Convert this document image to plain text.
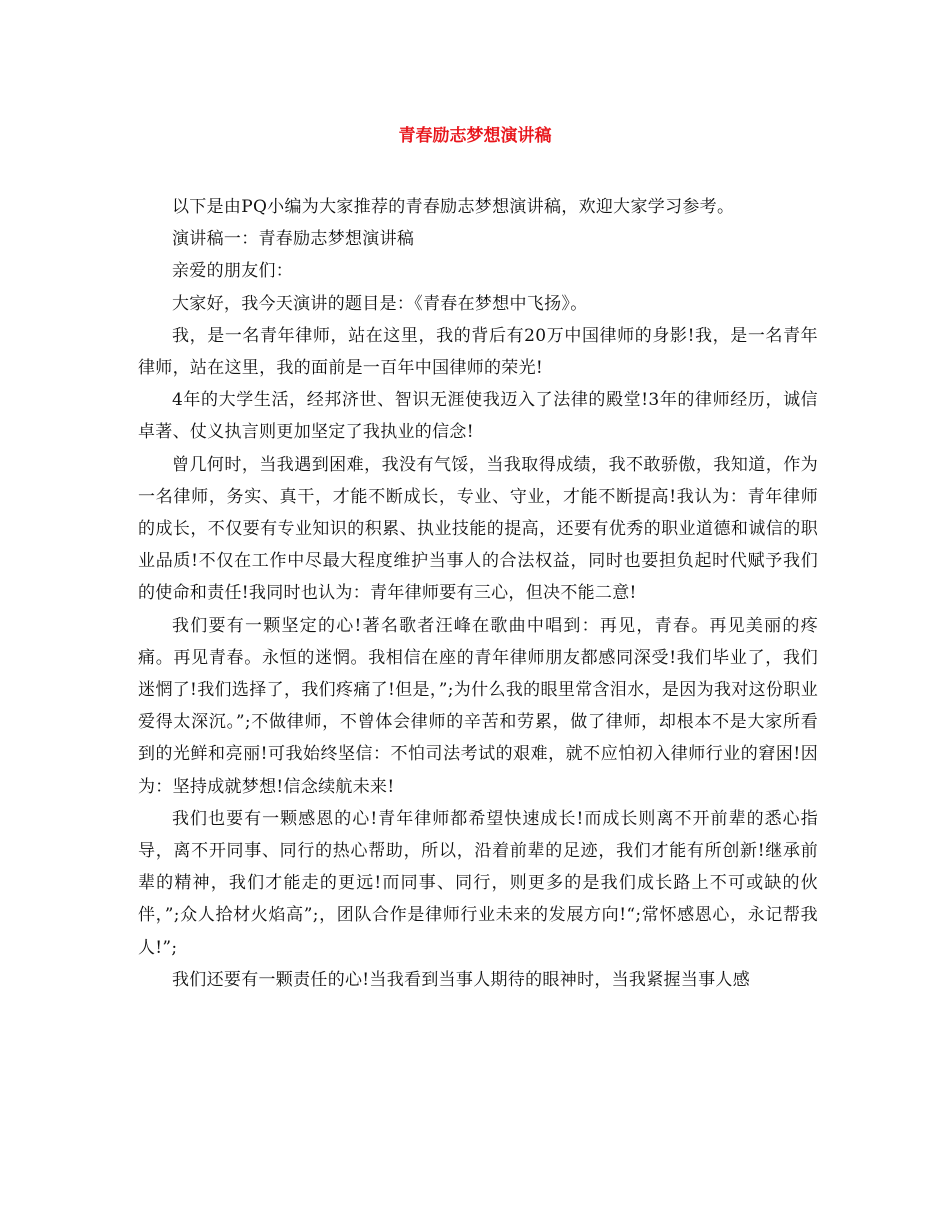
青春励志梦想演讲稿

以下是由PQ小编为大家推荐的青春励志梦想演讲稿，欢迎大家学习参考。

演讲稿一：青春励志梦想演讲稿

亲爱的朋友们：

大家好，我今天演讲的题目是：《青春在梦想中飞扬》。

我，是一名青年律师，站在这里，我的背后有20万中国律师的身影!我，是一名青年律师，站在这里，我的面前是一百年中国律师的荣光!

4年的大学生活，经邦济世、智识无涯使我迈入了法律的殿堂!3年的律师经历，诚信卓著、仗义执言则更加坚定了我执业的信念!

曾几何时，当我遇到困难，我没有气馁，当我取得成绩，我不敢骄傲，我知道，作为一名律师，务实、真干，才能不断成长，专业、守业，才能不断提高!我认为：青年律师的成长，不仅要有专业知识的积累、执业技能的提高，还要有优秀的职业道德和诚信的职业品质!不仅在工作中尽最大程度维护当事人的合法权益，同时也要担负起时代赋予我们的使命和责任!我同时也认为：青年律师要有三心，但决不能二意!

我们要有一颗坚定的心!著名歌者汪峰在歌曲中唱到：再见，青春。再见美丽的疼痛。再见青春。永恒的迷惘。我相信在座的青年律师朋友都感同深受!我们毕业了，我们迷惘了!我们选择了，我们疼痛了!但是，”;为什么我的眼里常含泪水，是因为我对这份职业爱得太深沉。”;不做律师，不曾体会律师的辛苦和劳累，做了律师，却根本不是大家所看到的光鲜和亮丽!可我始终坚信：不怕司法考试的艰难，就不应怕初入律师行业的窘困!因为：坚持成就梦想!信念续航未来!

我们也要有一颗感恩的心!青年律师都希望快速成长!而成长则离不开前辈的悉心指导，离不开同事、同行的热心帮助，所以，沿着前辈的足迹，我们才能有所创新!继承前辈的精神，我们才能走的更远!而同事、同行，则更多的是我们成长路上不可或缺的伙伴，”;众人拾材火焰高”;，团队合作是律师行业未来的发展方向!“;常怀感恩心，永记帮我人!”;

我们还要有一颗责任的心!当我看到当事人期待的眼神时，当我紧握当事人感
